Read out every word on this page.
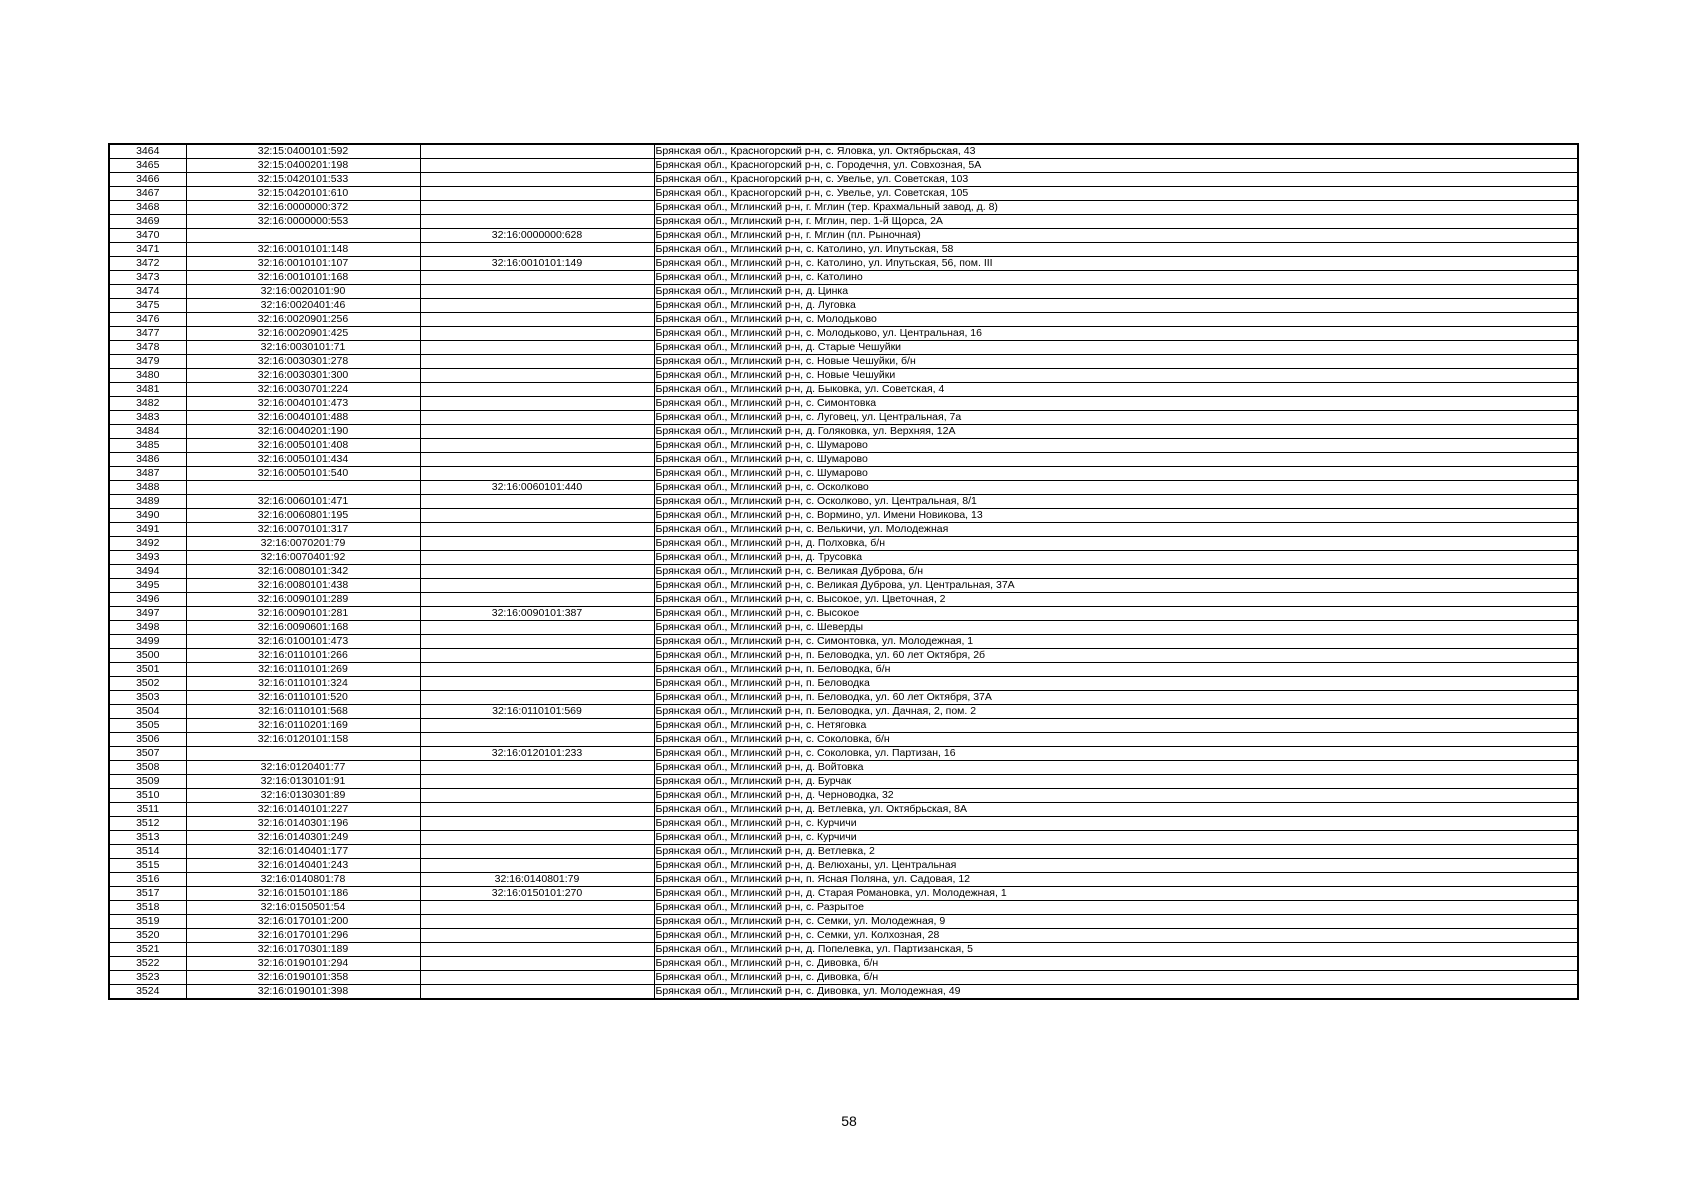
3464	32:15:0400101:592		Брянская обл., Красногорский р-н, с. Яловка, ул. Октябрьская, 43
3465	32:15:0400201:198		Брянская обл., Красногорский р-н, с. Городечня, ул. Совхозная, 5А
3466	32:15:0420101:533		Брянская обл., Красногорский р-н, с. Увелье, ул. Советская, 103
3467	32:15:0420101:610		Брянская обл., Красногорский р-н, с. Увелье, ул. Советская, 105
3468	32:16:0000000:372		Брянская обл., Мглинский р-н, г. Мглин (тер. Крахмальный завод, д. 8)
3469	32:16:0000000:553		Брянская обл., Мглинский р-н, г. Мглин, пер. 1-й Щорса, 2А
3470		32:16:0000000:628	Брянская обл., Мглинский р-н, г. Мглин (пл. Рыночная)
3471	32:16:0010101:148		Брянская обл., Мглинский р-н, с. Католино, ул. Ипутьская, 58
3472	32:16:0010101:107	32:16:0010101:149	Брянская обл., Мглинский р-н, с. Католино, ул. Ипутьская, 56, пом. III
3473	32:16:0010101:168		Брянская обл., Мглинский р-н, с. Католино
3474	32:16:0020101:90		Брянская обл., Мглинский р-н, д. Цинка
3475	32:16:0020401:46		Брянская обл., Мглинский р-н, д. Луговка
3476	32:16:0020901:256		Брянская обл., Мглинский р-н, с. Молодьково
3477	32:16:0020901:425		Брянская обл., Мглинский р-н, с. Молодьково, ул. Центральная, 16
3478	32:16:0030101:71		Брянская обл., Мглинский р-н, д. Старые Чешуйки
3479	32:16:0030301:278		Брянская обл., Мглинский р-н, с. Новые Чешуйки, б/н
3480	32:16:0030301:300		Брянская обл., Мглинский р-н, с. Новые Чешуйки
3481	32:16:0030701:224		Брянская обл., Мглинский р-н, д. Быковка, ул. Советская, 4
3482	32:16:0040101:473		Брянская обл., Мглинский р-н, с. Симонтовка
3483	32:16:0040101:488		Брянская обл., Мглинский р-н, с. Луговец, ул. Центральная, 7а
3484	32:16:0040201:190		Брянская обл., Мглинский р-н, д. Голяковка, ул. Верхняя, 12А
3485	32:16:0050101:408		Брянская обл., Мглинский р-н, с. Шумарово
3486	32:16:0050101:434		Брянская обл., Мглинский р-н, с. Шумарово
3487	32:16:0050101:540		Брянская обл., Мглинский р-н, с. Шумарово
3488		32:16:0060101:440	Брянская обл., Мглинский р-н, с. Осколково
3489	32:16:0060101:471		Брянская обл., Мглинский р-н, с. Осколково, ул. Центральная, 8/1
3490	32:16:0060801:195		Брянская обл., Мглинский р-н, с. Вормино, ул. Имени Новикова, 13
3491	32:16:0070101:317		Брянская обл., Мглинский р-н, с. Велькичи, ул. Молодежная
3492	32:16:0070201:79		Брянская обл., Мглинский р-н, д. Полховка, б/н
3493	32:16:0070401:92		Брянская обл., Мглинский р-н, д. Трусовка
3494	32:16:0080101:342		Брянская обл., Мглинский р-н, с. Великая Дуброва, б/н
3495	32:16:0080101:438		Брянская обл., Мглинский р-н, с. Великая Дуброва, ул. Центральная, 37А
3496	32:16:0090101:289		Брянская обл., Мглинский р-н, с. Высокое, ул. Цветочная, 2
3497	32:16:0090101:281	32:16:0090101:387	Брянская обл., Мглинский р-н, с. Высокое
3498	32:16:0090601:168		Брянская обл., Мглинский р-н, с. Шеверды
3499	32:16:0100101:473		Брянская обл., Мглинский р-н, с. Симонтовка, ул. Молодежная, 1
3500	32:16:0110101:266		Брянская обл., Мглинский р-н, п. Беловодка, ул. 60 лет Октября, 2б
3501	32:16:0110101:269		Брянская обл., Мглинский р-н, п. Беловодка, б/н
3502	32:16:0110101:324		Брянская обл., Мглинский р-н, п. Беловодка
3503	32:16:0110101:520		Брянская обл., Мглинский р-н, п. Беловодка, ул. 60 лет Октября, 37А
3504	32:16:0110101:568	32:16:0110101:569	Брянская обл., Мглинский р-н, п. Беловодка, ул. Дачная, 2, пом. 2
3505	32:16:0110201:169		Брянская обл., Мглинский р-н, с. Нетяговка
3506	32:16:0120101:158		Брянская обл., Мглинский р-н, с. Соколовка, б/н
3507		32:16:0120101:233	Брянская обл., Мглинский р-н, с. Соколовка, ул. Партизан, 16
3508	32:16:0120401:77		Брянская обл., Мглинский р-н, д. Войтовка
3509	32:16:0130101:91		Брянская обл., Мглинский р-н, д. Бурчак
3510	32:16:0130301:89		Брянская обл., Мглинский р-н, д. Черноводка, 32
3511	32:16:0140101:227		Брянская обл., Мглинский р-н, д. Ветлевка, ул. Октябрьская, 8А
3512	32:16:0140301:196		Брянская обл., Мглинский р-н, с. Курчичи
3513	32:16:0140301:249		Брянская обл., Мглинский р-н, с. Курчичи
3514	32:16:0140401:177		Брянская обл., Мглинский р-н, д. Ветлевка, 2
3515	32:16:0140401:243		Брянская обл., Мглинский р-н, д. Велюханы, ул. Центральная
3516	32:16:0140801:78	32:16:0140801:79	Брянская обл., Мглинский р-н, п. Ясная Поляна, ул. Садовая, 12
3517	32:16:0150101:186	32:16:0150101:270	Брянская обл., Мглинский р-н, д. Старая Романовка, ул. Молодежная, 1
3518	32:16:0150501:54		Брянская обл., Мглинский р-н, с. Разрытое
3519	32:16:0170101:200		Брянская обл., Мглинский р-н, с. Семки, ул. Молодежная, 9
3520	32:16:0170101:296		Брянская обл., Мглинский р-н, с. Семки, ул. Колхозная, 28
3521	32:16:0170301:189		Брянская обл., Мглинский р-н, д. Попелевка, ул. Партизанская, 5
3522	32:16:0190101:294		Брянская обл., Мглинский р-н, с. Дивовка, б/н
3523	32:16:0190101:358		Брянская обл., Мглинский р-н, с. Дивовка, б/н
3524	32:16:0190101:398		Брянская обл., Мглинский р-н, с. Дивовка, ул. Молодежная, 49
58
